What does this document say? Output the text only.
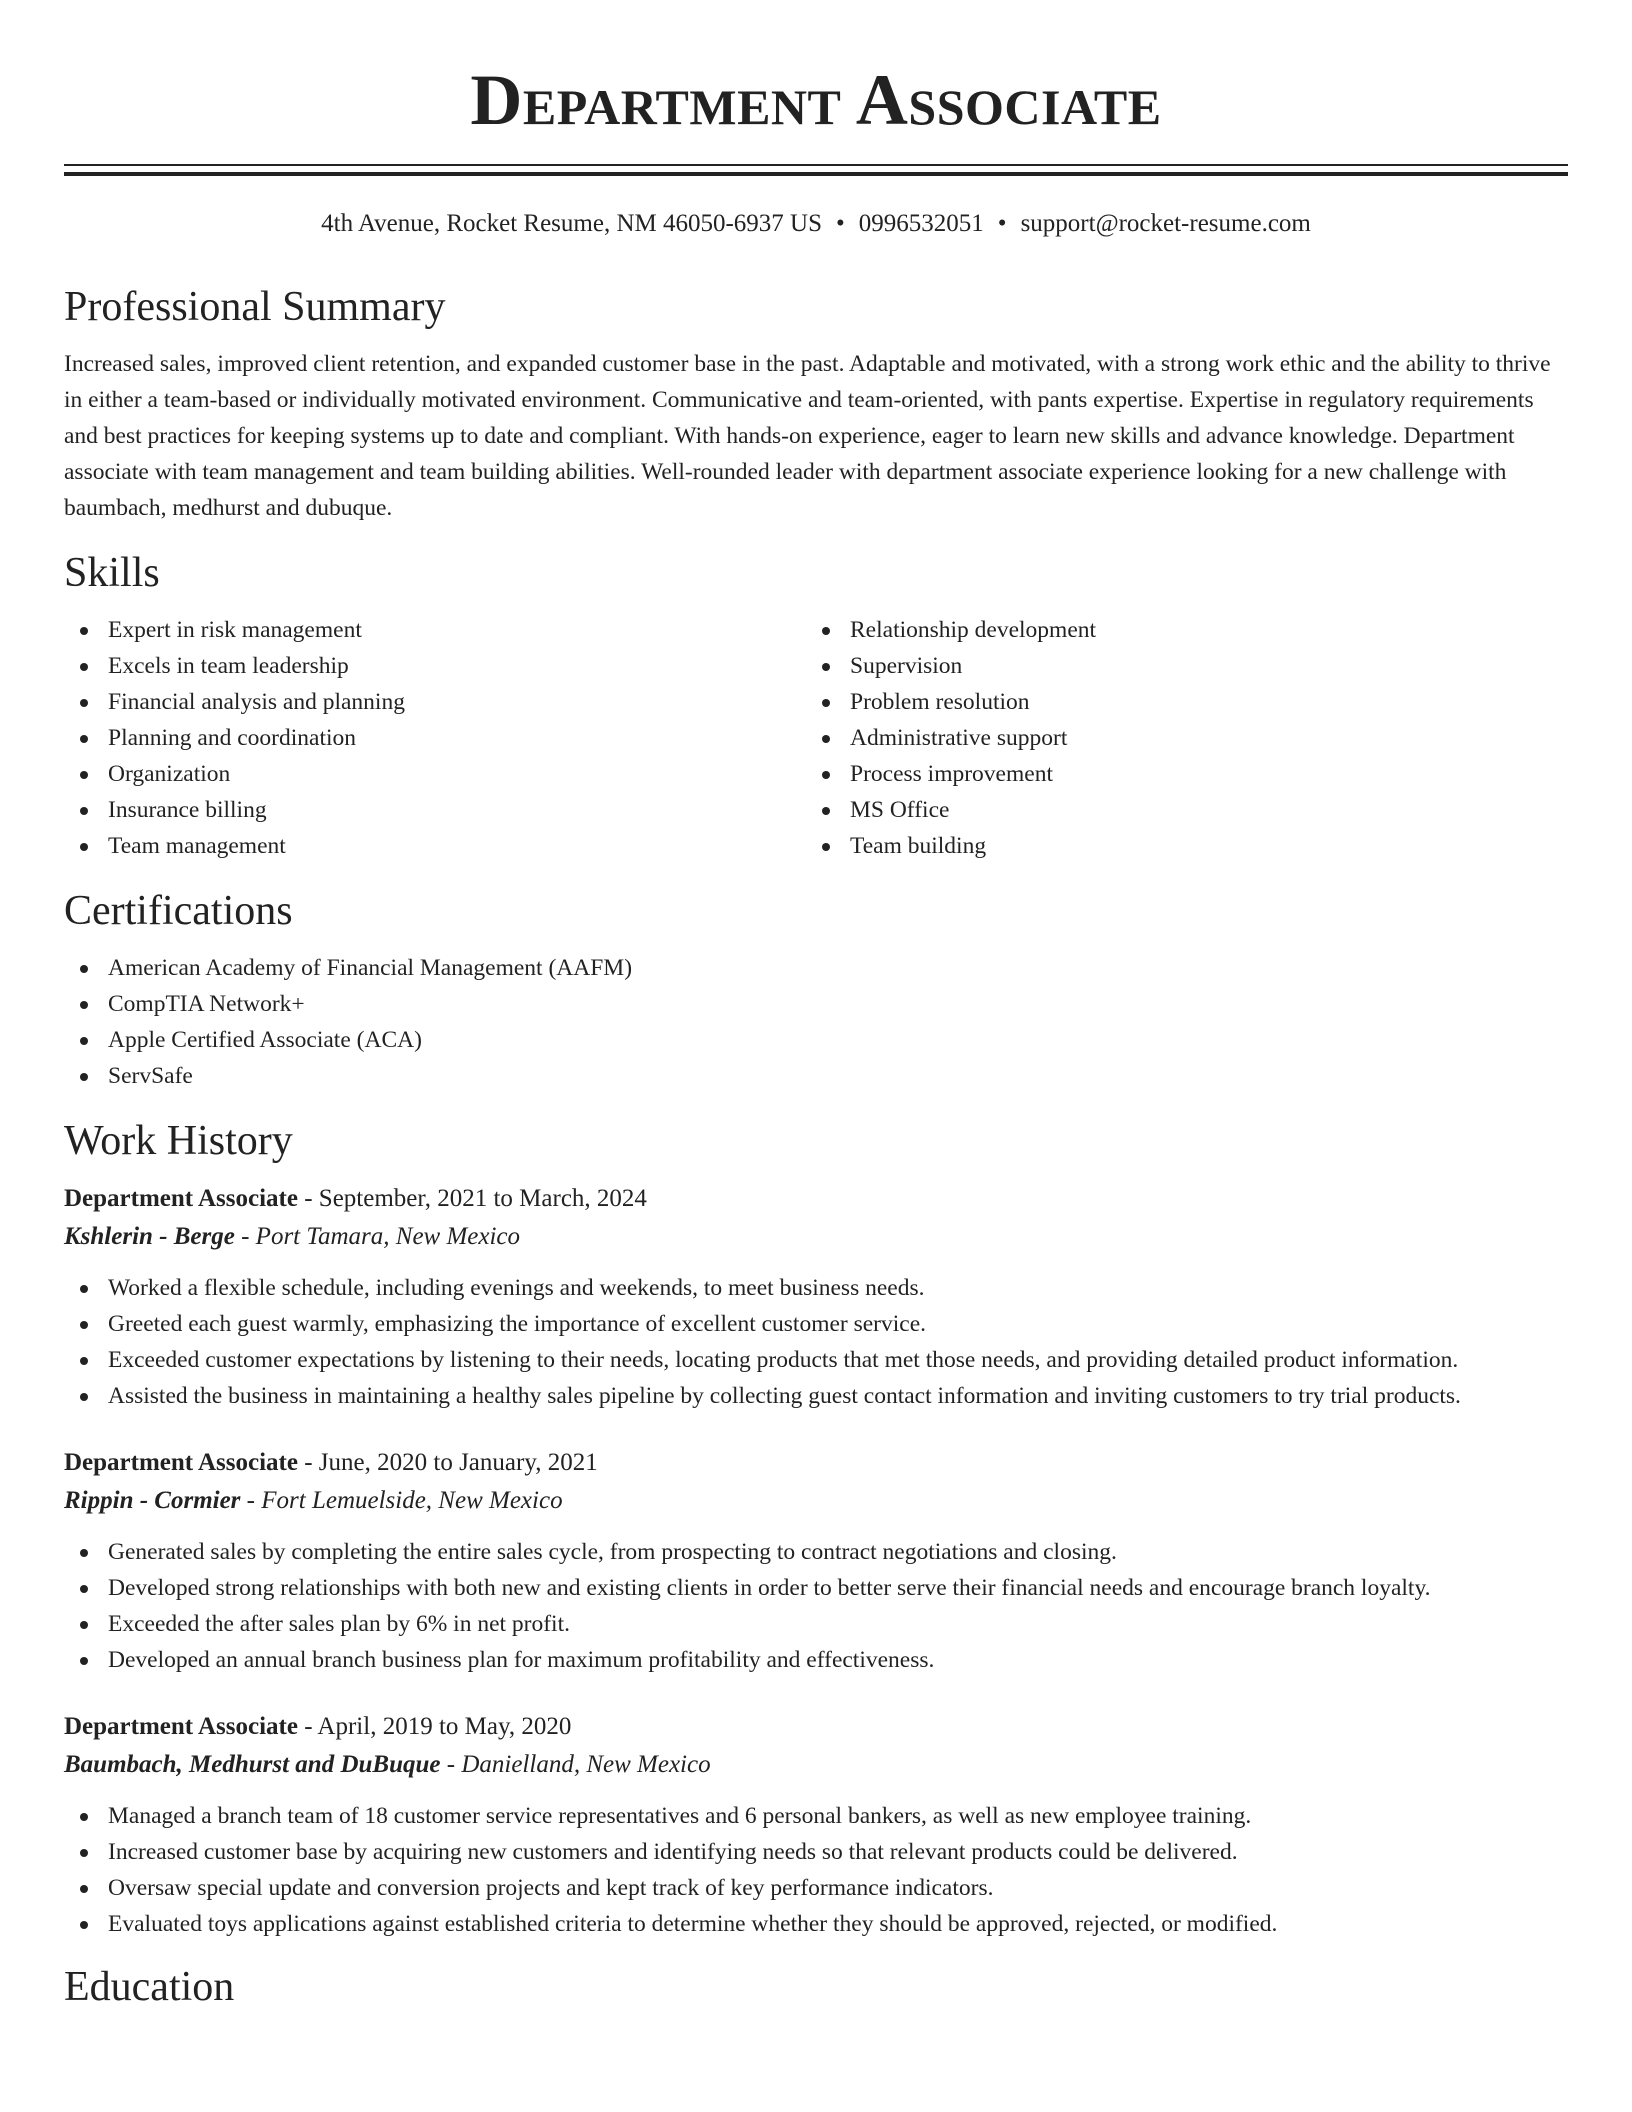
Department Associate
4th Avenue, Rocket Resume, NM 46050-6937 US • 0996532051 • support@rocket-resume.com
Professional Summary

Increased sales, improved client retention, and expanded customer base in the past. Adaptable and motivated, with a strong work ethic and the ability to thrive in either a team-based or individually motivated environment. Communicative and team-oriented, with pants expertise. Expertise in regulatory requirements and best practices for keeping systems up to date and compliant. With hands-on experience, eager to learn new skills and advance knowledge. Department associate with team management and team building abilities. Well-rounded leader with department associate experience looking for a new challenge with baumbach, medhurst and dubuque.

Skills
Expert in risk management
Excels in team leadership
Financial analysis and planning
Planning and coordination
Organization
Insurance billing
Team management
Relationship development
Supervision
Problem resolution
Administrative support
Process improvement
MS Office
Team building
Certifications
American Academy of Financial Management (AAFM)
CompTIA Network+
Apple Certified Associate (ACA)
ServSafe
Work History
Department Associate - September, 2021 to March, 2024
Kshlerin - Berge - Port Tamara, New Mexico
Worked a flexible schedule, including evenings and weekends, to meet business needs.
Greeted each guest warmly, emphasizing the importance of excellent customer service.
Exceeded customer expectations by listening to their needs, locating products that met those needs, and providing detailed product information.
Assisted the business in maintaining a healthy sales pipeline by collecting guest contact information and inviting customers to try trial products.
Department Associate - June, 2020 to January, 2021
Rippin - Cormier - Fort Lemuelside, New Mexico
Generated sales by completing the entire sales cycle, from prospecting to contract negotiations and closing.
Developed strong relationships with both new and existing clients in order to better serve their financial needs and encourage branch loyalty.
Exceeded the after sales plan by 6% in net profit.
Developed an annual branch business plan for maximum profitability and effectiveness.
Department Associate - April, 2019 to May, 2020
Baumbach, Medhurst and DuBuque - Danielland, New Mexico
Managed a branch team of 18 customer service representatives and 6 personal bankers, as well as new employee training.
Increased customer base by acquiring new customers and identifying needs so that relevant products could be delivered.
Oversaw special update and conversion projects and kept track of key performance indicators.
Evaluated toys applications against established criteria to determine whether they should be approved, rejected, or modified.
Education
